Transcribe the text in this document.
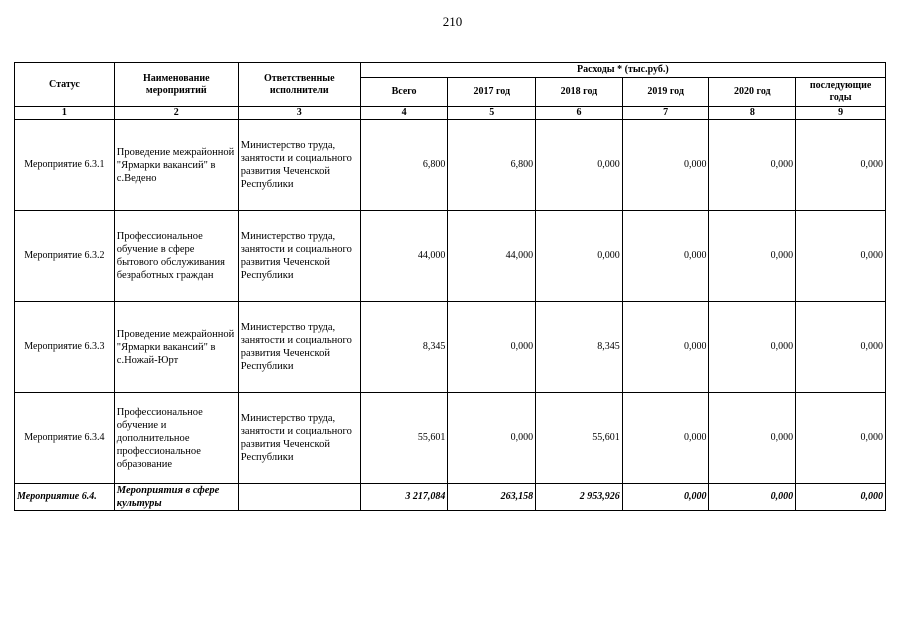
210
Статус	Наименование мероприятий	Ответственные исполнители	Расходы * (тыс.руб.)					
			Всего	2017 год	2018 год	2019 год	2020 год	последующие годы
1	2	3	4	5	6	7	8	9
Мероприятие 6.3.1	Проведение межрайонной "Ярмарки вакансий" в с.Ведено	Министерство труда, занятости и социального развития Чеченской Республики	6,800	6,800	0,000	0,000	0,000	0,000
Мероприятие 6.3.2	Профессиональное обучение в сфере бытового обслуживания безработных граждан	Министерство труда, занятости и социального развития Чеченской Республики	44,000	44,000	0,000	0,000	0,000	0,000
Мероприятие 6.3.3	Проведение межрайонной "Ярмарки вакансий" в с.Ножай-Юрт	Министерство труда, занятости и социального развития Чеченской Республики	8,345	0,000	8,345	0,000	0,000	0,000
Мероприятие 6.3.4	Профессиональное обучение и дополнительное профессиональное образование	Министерство труда, занятости и социального развития Чеченской Республики	55,601	0,000	55,601	0,000	0,000	0,000
Мероприятие 6.4.	Мероприятия в сфере культуры		3 217,084	263,158	2 953,926	0,000	0,000	0,000
